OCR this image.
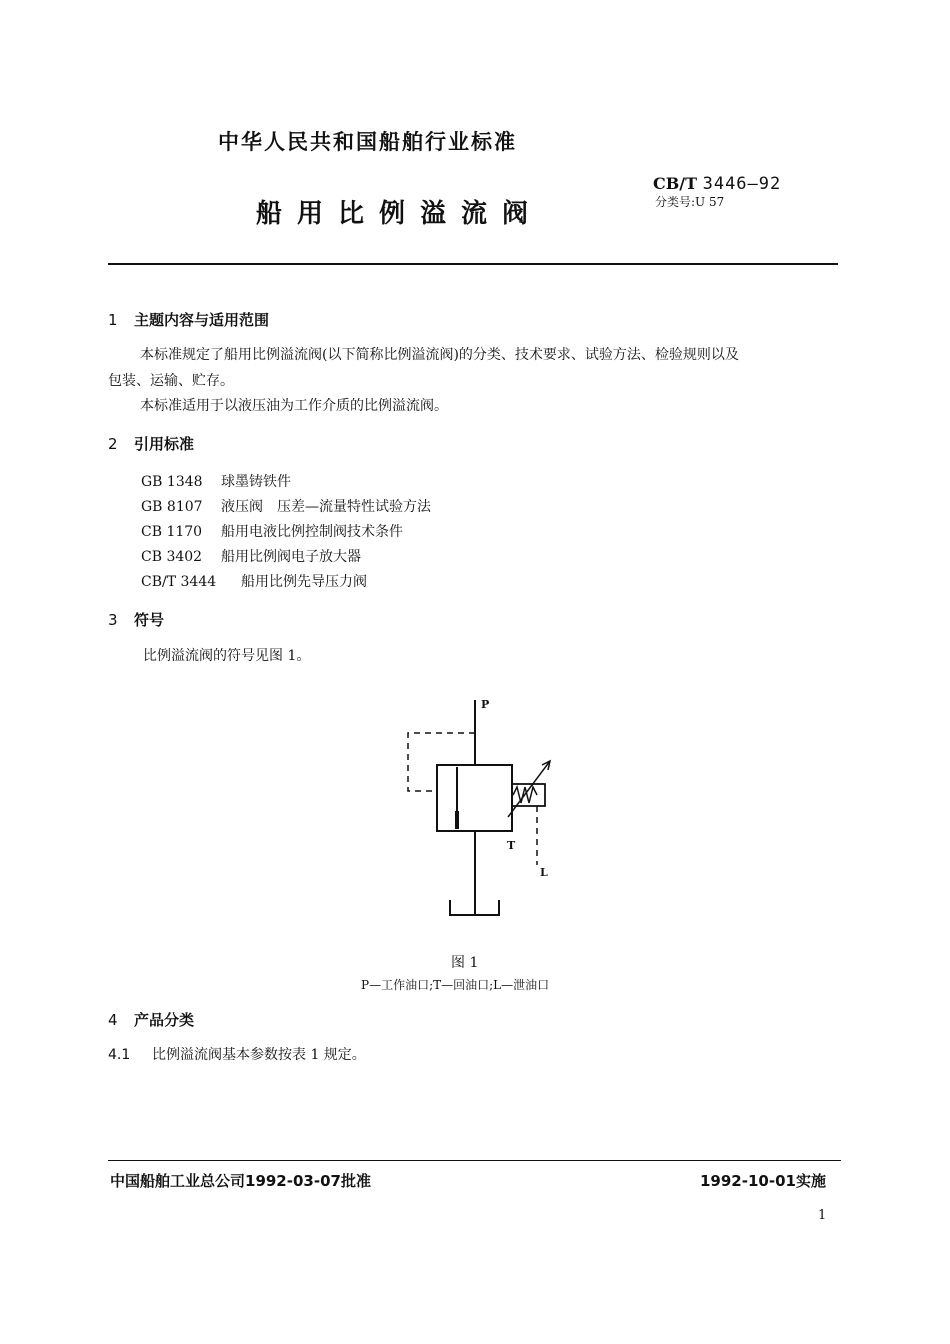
中华人民共和国船舶行业标准
船用比例溢流阀
CB/T 3446—92
分类号:U 57
1 主题内容与适用范围
本标准规定了船用比例溢流阀(以下简称比例溢流阀)的分类、技术要求、试验方法、检验规则以及
包装、运输、贮存。
本标准适用于以液压油为工作介质的比例溢流阀。
2 引用标准
GB 1348 球墨铸铁件
GB 8107 液压阀　压差—流量特性试验方法
CB 1170 船用电液比例控制阀技术条件
CB 3402 船用比例阀电子放大器
CB/T 3444 船用比例先导压力阀
3 符号
比例溢流阀的符号见图 1。
P
T
L
图 1
P—工作油口;T—回油口;L—泄油口
4 产品分类
4.1 比例溢流阀基本参数按表 1 规定。
中国船舶工业总公司1992-03-07批准	1992-10-01实施
1
